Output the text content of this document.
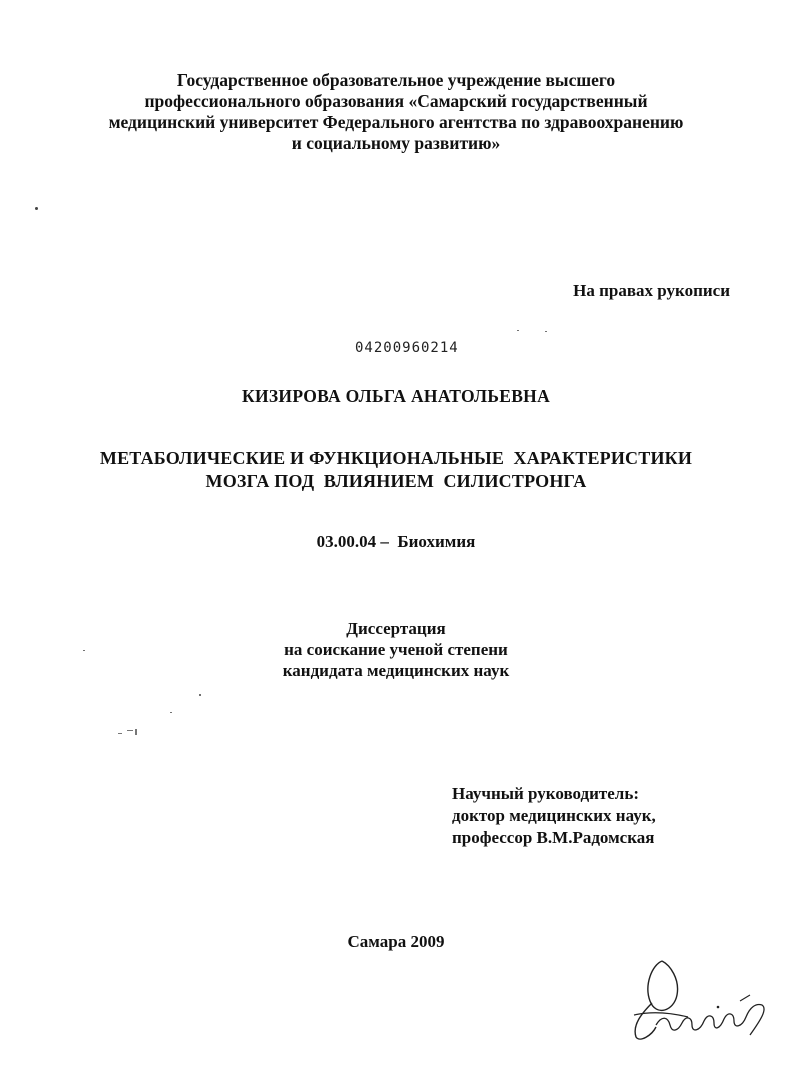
Государственное образовательное учреждение высшего
профессионального образования «Самарский государственный
медицинский университет Федерального агентства по здравоохранению
и социальному развитию»
На правах рукописи
04200960214
КИЗИРОВА ОЛЬГА АНАТОЛЬЕВНА
МЕТАБОЛИЧЕСКИЕ И ФУНКЦИОНАЛЬНЫЕ  ХАРАКТЕРИСТИКИ
МОЗГА ПОД  ВЛИЯНИЕМ  СИЛИСТРОНГА
03.00.04 –  Биохимия
Диссертация
на соискание ученой степени
кандидата медицинских наук
Научный руководитель:
доктор медицинских наук,
профессор В.М.Радомская
Самара 2009
